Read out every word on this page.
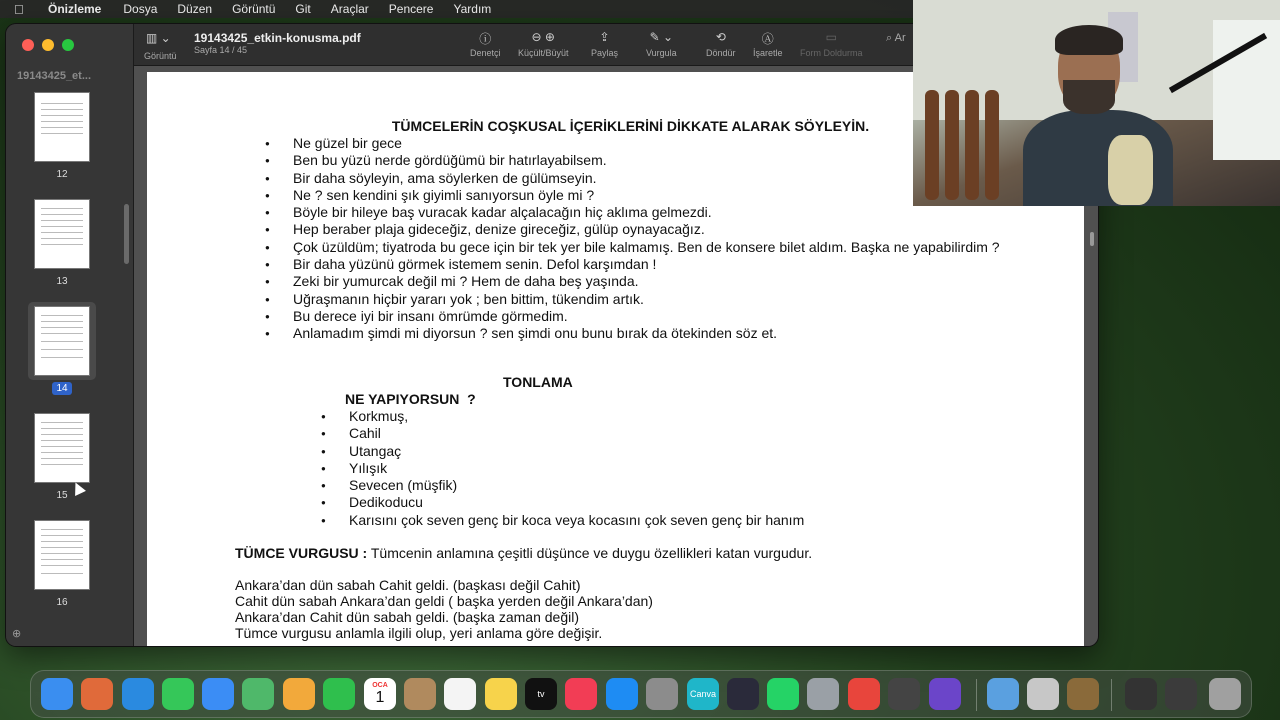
Önizleme Dosya Düzen Görüntü Git Araçlar Pencere Yardım
19143425_et...
12
13
14
15
16
⊕
▥ ⌄
Görüntü
19143425_etkin-konusma.pdf
Sayfa 14 / 45
ⓘ
Denetçi
⊖ ⊕
Küçült/Büyüt
⇪
Paylaş
✎ ⌄
Vurgula
⟲
Döndür
Ⓐ
İşaretle
▭
Form Doldurma
⌕ Ar
TÜMCELERİN COŞKUSAL İÇERİKLERİNİ DİKKATE ALARAK SÖYLEYİN.
● Ne güzel bir gece
● Ben bu yüzü nerde gördüğümü bir hatırlayabilsem.
● Bir daha söyleyin, ama söylerken de gülümseyin.
● Ne ? sen kendini şık giyimli sanıyorsun öyle mi ?
● Böyle bir hileye baş vuracak kadar alçalacağın hiç aklıma gelmezdi.
● Hep beraber plaja gideceğiz, denize gireceğiz, gülüp oynayacağız.
● Çok üzüldüm; tiyatroda bu gece için bir tek yer bile kalmamış. Ben de konsere bilet aldım. Başka ne yapabilirdim ?
● Bir daha yüzünü görmek istemem senin. Defol karşımdan !
● Zeki bir yumurcak değil mi ? Hem de daha beş yaşında.
● Uğraşmanın hiçbir yararı yok ; ben bittim, tükendim artık.
● Bu derece iyi bir insanı ömrümde görmedim.
● Anlamadım şimdi mi diyorsun ? sen şimdi onu bunu bırak da ötekinden söz et.
TONLAMA
NE YAPIYORSUN  ?
● Korkmuş,
● Cahil
● Utangaç
● Yılışık
● Sevecen (müşfik)
● Dedikoducu
● Karısını çok seven genç bir koca veya kocasını çok seven genç bir hanım
TÜMCE VURGUSU : Tümcenin anlamına çeşitli düşünce ve duygu özellikleri katan vurgudur.
Ankara’dan dün sabah Cahit geldi. (başkası değil Cahit)
Cahit dün sabah Ankara’dan geldi ( başka yerden değil Ankara’dan)
Ankara’dan Cahit dün sabah geldi. (başka zaman değil)
Tümce vurgusu anlamla ilgili olup, yeri anlama göre değişir.
OCA
1	tv	Canva
